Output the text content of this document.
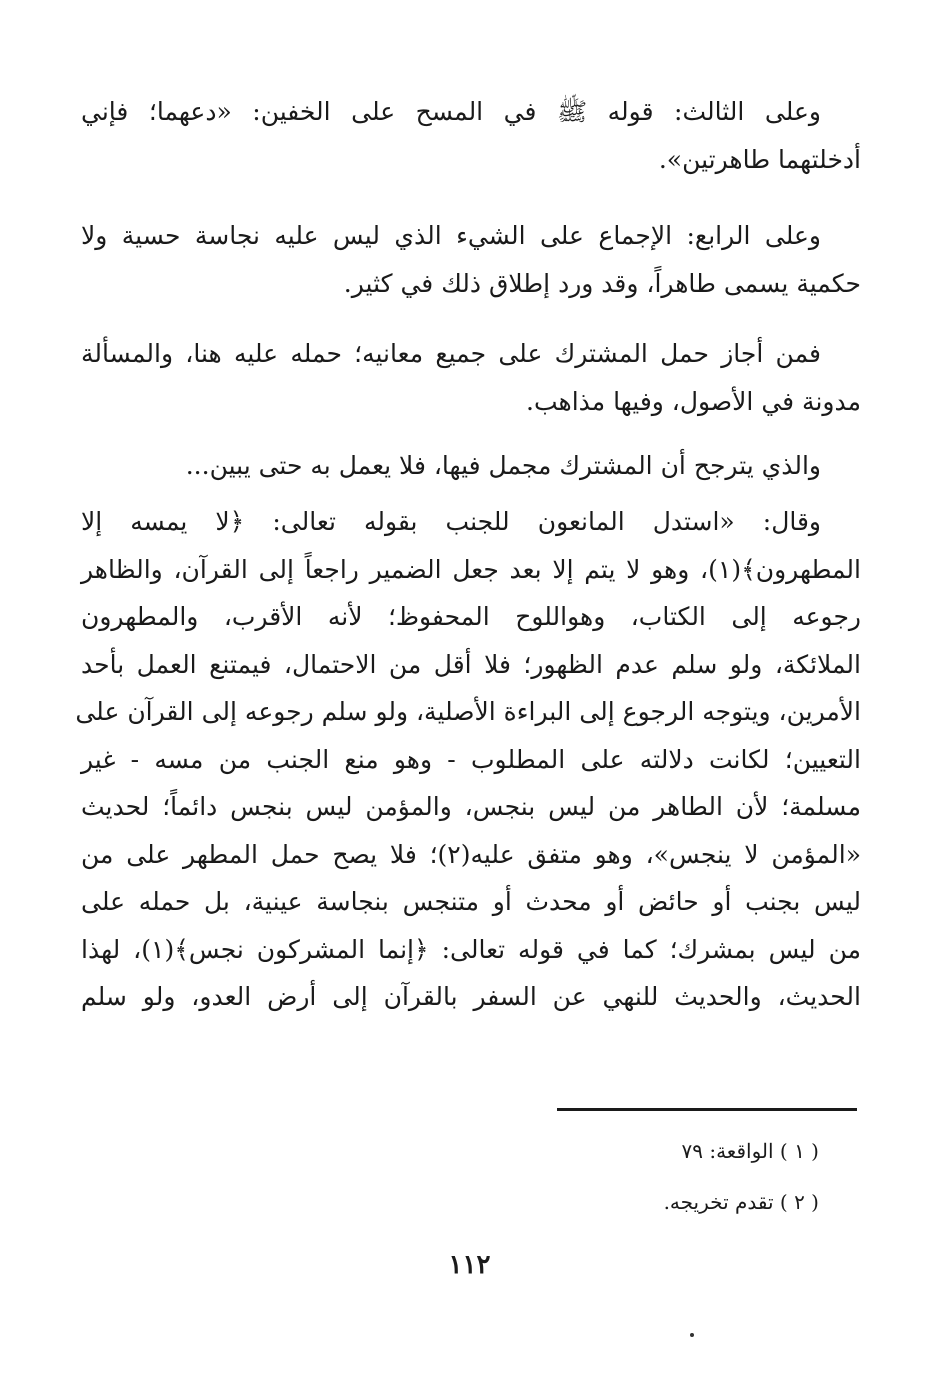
وعلى الثالث: قوله ﷺ في المسح على الخفين: «دعهما؛ فإني
أدخلتهما طاهرتين».

وعلى الرابع: الإجماع على الشيء الذي ليس عليه نجاسة حسية ولا
حكمية يسمى طاهراً، وقد ورد إطلاق ذلك في كثير.

فمن أجاز حمل المشترك على جميع معانيه؛ حمله عليه هنا، والمسألة
مدونة في الأصول، وفيها مذاهب.

والذي يترجح أن المشترك مجمل فيها، فلا يعمل به حتى يبين...

وقال: «استدل المانعون للجنب بقوله تعالى: ﴿لا يمسه إلا
المطهرون﴾(١)، وهو لا يتم إلا بعد جعل الضمير راجعاً إلى القرآن، والظاهر
رجوعه إلى الكتاب، وهواللوح المحفوظ؛ لأنه الأقرب، والمطهرون
الملائكة، ولو سلم عدم الظهور؛ فلا أقل من الاحتمال، فيمتنع العمل بأحد
الأمرين، ويتوجه الرجوع إلى البراءة الأصلية، ولو سلم رجوعه إلى القرآن على
التعيين؛ لكانت دلالته على المطلوب - وهو منع الجنب من مسه - غير
مسلمة؛ لأن الطاهر من ليس بنجس، والمؤمن ليس بنجس دائماً؛ لحديث
«المؤمن لا ينجس»، وهو متفق عليه(٢)؛ فلا يصح حمل المطهر على من
ليس بجنب أو حائض أو محدث أو متنجس بنجاسة عينية، بل حمله على
من ليس بمشرك؛ كما في قوله تعالى: ﴿إنما المشركون نجس﴾(١)، لهذا
الحديث، والحديث للنهي عن السفر بالقرآن إلى أرض العدو، ولو سلم

( ١ ) الواقعة: ٧٩
( ٢ ) تقدم تخريجه.
١١٢
